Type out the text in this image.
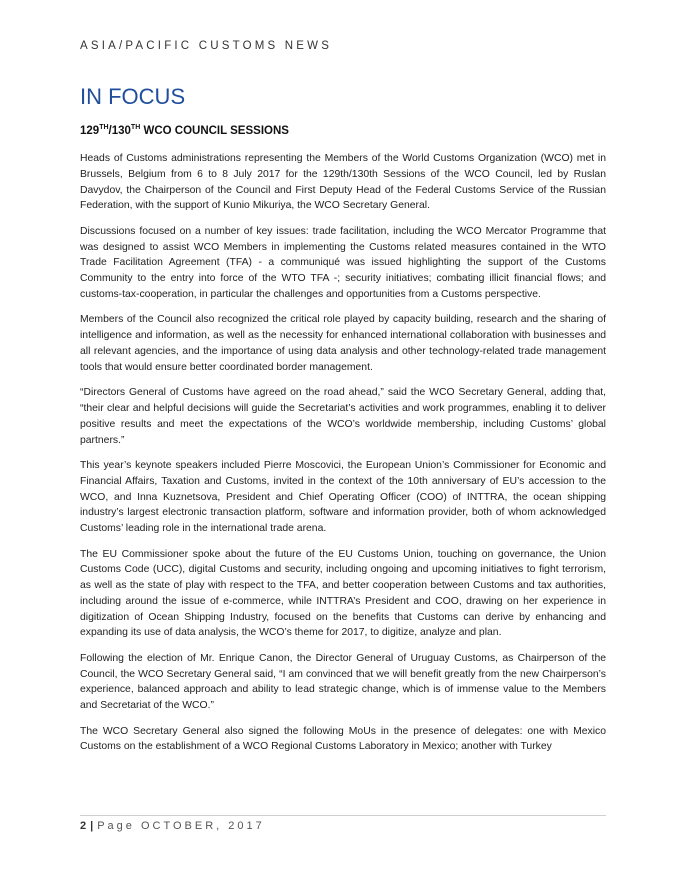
ASIA/PACIFIC CUSTOMS NEWS
IN FOCUS
129TH/130TH WCO COUNCIL SESSIONS

Heads of Customs administrations representing the Members of the World Customs Organization (WCO) met in Brussels, Belgium from 6 to 8 July 2017 for the 129th/130th Sessions of the WCO Council, led by Ruslan Davydov, the Chairperson of the Council and First Deputy Head of the Federal Customs Service of the Russian Federation, with the support of Kunio Mikuriya, the WCO Secretary General.

Discussions focused on a number of key issues: trade facilitation, including the WCO Mercator Programme that was designed to assist WCO Members in implementing the Customs related measures contained in the WTO Trade Facilitation Agreement (TFA) - a communiqué was issued highlighting the support of the Customs Community to the entry into force of the WTO TFA -; security initiatives; combating illicit financial flows; and customs-tax-cooperation, in particular the challenges and opportunities from a Customs perspective.

Members of the Council also recognized the critical role played by capacity building, research and the sharing of intelligence and information, as well as the necessity for enhanced international collaboration with businesses and all relevant agencies, and the importance of using data analysis and other technology-related trade management tools that would ensure better coordinated border management.

“Directors General of Customs have agreed on the road ahead,” said the WCO Secretary General, adding that, “their clear and helpful decisions will guide the Secretariat’s activities and work programmes, enabling it to deliver positive results and meet the expectations of the WCO’s worldwide membership, including Customs’ global partners.”

This year’s keynote speakers included Pierre Moscovici, the European Union’s Commissioner for Economic and Financial Affairs, Taxation and Customs, invited in the context of the 10th anniversary of EU’s accession to the WCO, and Inna Kuznetsova, President and Chief Operating Officer (COO) of INTTRA, the ocean shipping industry’s largest electronic transaction platform, software and information provider, both of whom acknowledged Customs’ leading role in the international trade arena.

The EU Commissioner spoke about the future of the EU Customs Union, touching on governance, the Union Customs Code (UCC), digital Customs and security, including ongoing and upcoming initiatives to fight terrorism, as well as the state of play with respect to the TFA, and better cooperation between Customs and tax authorities, including around the issue of e-commerce, while INTTRA’s President and COO, drawing on her experience in digitization of Ocean Shipping Industry, focused on the benefits that Customs can derive by enhancing and expanding its use of data analysis, the WCO’s theme for 2017, to digitize, analyze and plan.

Following the election of Mr. Enrique Canon, the Director General of Uruguay Customs, as Chairperson of the Council, the WCO Secretary General said, “I am convinced that we will benefit greatly from the new Chairperson’s experience, balanced approach and ability to lead strategic change, which is of immense value to the Members and Secretariat of the WCO.”

The WCO Secretary General also signed the following MoUs in the presence of delegates: one with Mexico Customs on the establishment of a WCO Regional Customs Laboratory in Mexico; another with Turkey

2 | Page OCTOBER, 2017
